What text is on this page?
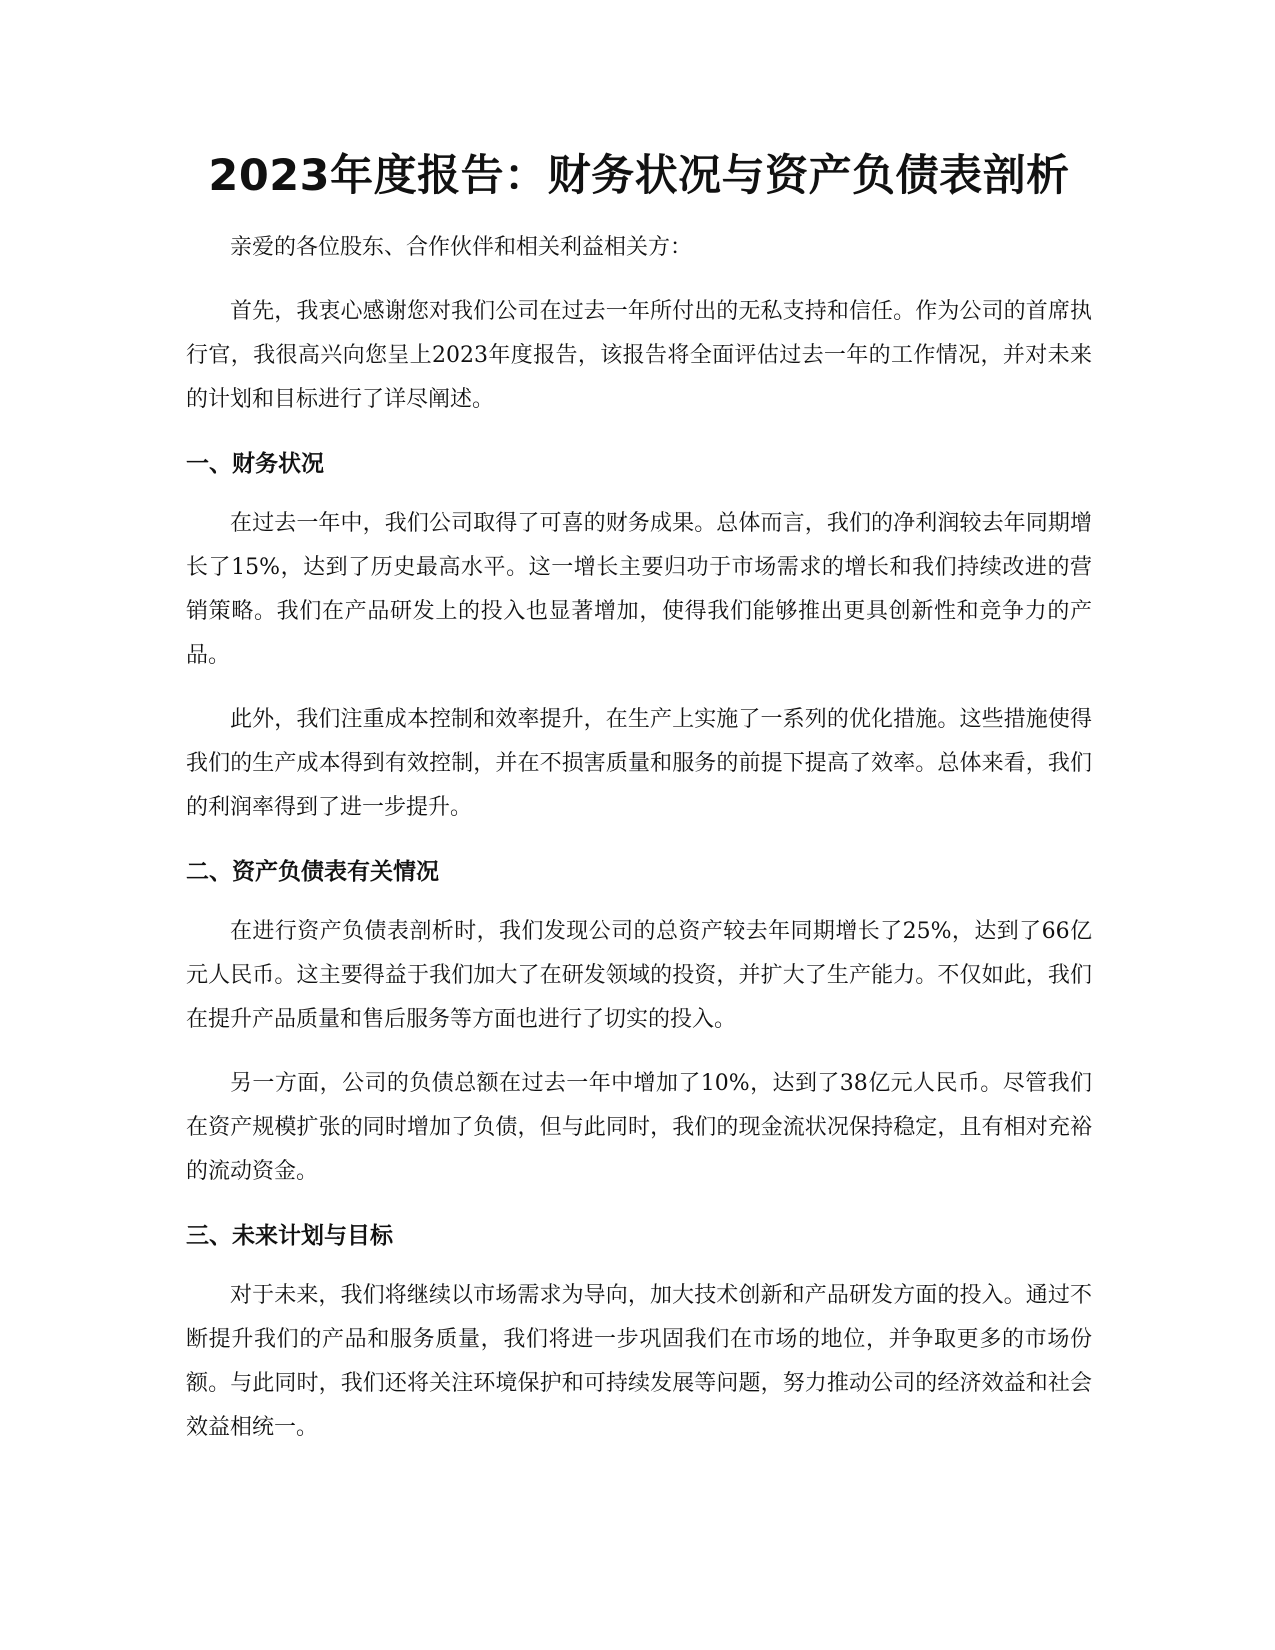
2023年度报告：财务状况与资产负债表剖析

亲爱的各位股东、合作伙伴和相关利益相关方：

首先，我衷心感谢您对我们公司在过去一年所付出的无私支持和信任。作为公司的首席执行官，我很高兴向您呈上2023年度报告，该报告将全面评估过去一年的工作情况，并对未来的计划和目标进行了详尽阐述。

一、财务状况

在过去一年中，我们公司取得了可喜的财务成果。总体而言，我们的净利润较去年同期增长了15%，达到了历史最高水平。这一增长主要归功于市场需求的增长和我们持续改进的营销策略。我们在产品研发上的投入也显著增加，使得我们能够推出更具创新性和竞争力的产品。

此外，我们注重成本控制和效率提升，在生产上实施了一系列的优化措施。这些措施使得我们的生产成本得到有效控制，并在不损害质量和服务的前提下提高了效率。总体来看，我们的利润率得到了进一步提升。

二、资产负债表有关情况

在进行资产负债表剖析时，我们发现公司的总资产较去年同期增长了25%，达到了66亿元人民币。这主要得益于我们加大了在研发领域的投资，并扩大了生产能力。不仅如此，我们在提升产品质量和售后服务等方面也进行了切实的投入。

另一方面，公司的负债总额在过去一年中增加了10%，达到了38亿元人民币。尽管我们在资产规模扩张的同时增加了负债，但与此同时，我们的现金流状况保持稳定，且有相对充裕的流动资金。

三、未来计划与目标

对于未来，我们将继续以市场需求为导向，加大技术创新和产品研发方面的投入。通过不断提升我们的产品和服务质量，我们将进一步巩固我们在市场的地位，并争取更多的市场份额。与此同时，我们还将关注环境保护和可持续发展等问题，努力推动公司的经济效益和社会效益相统一。
